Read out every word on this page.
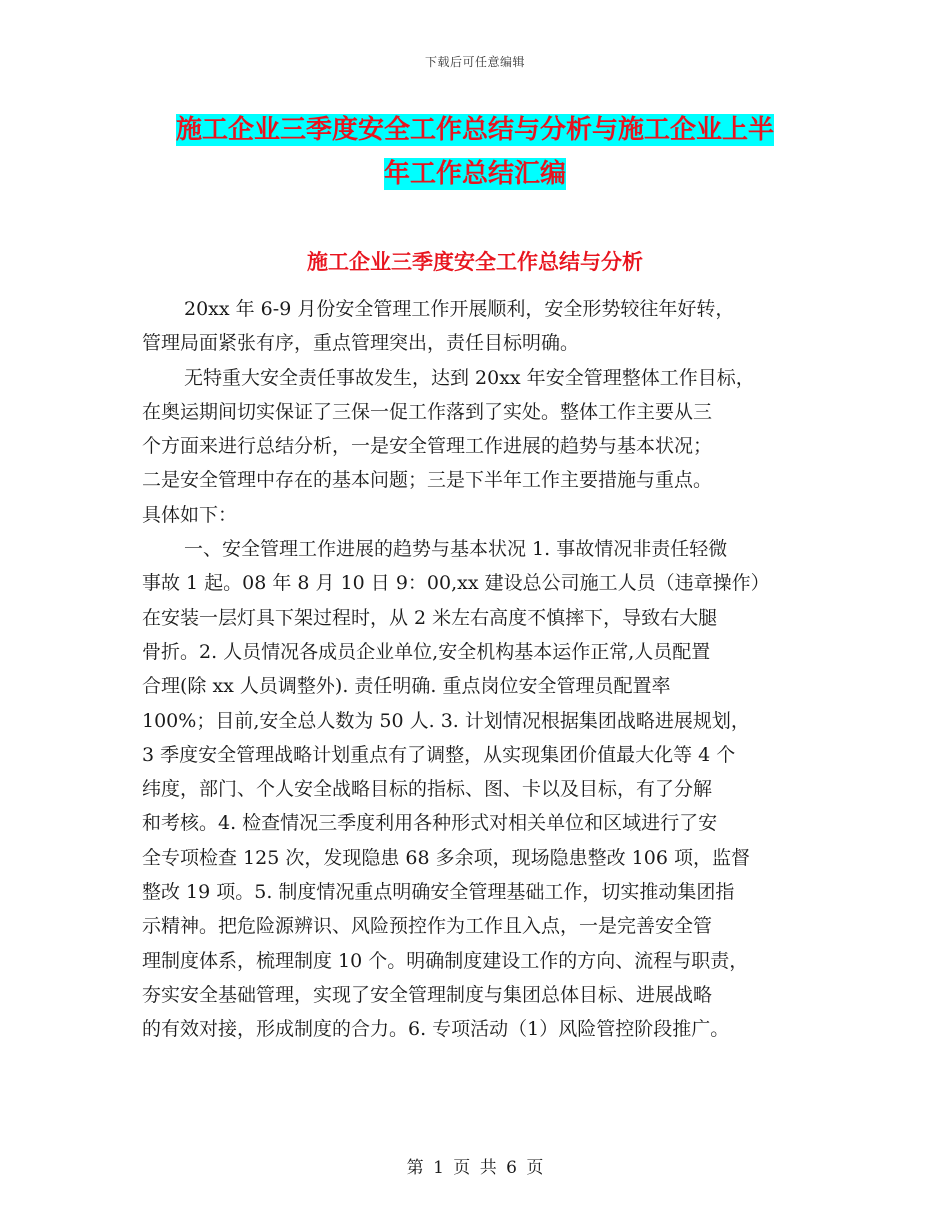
下载后可任意编辑
施工企业三季度安全工作总结与分析与施工企业上半
年工作总结汇编
施工企业三季度安全工作总结与分析
20xx 年 6-9 月份安全管理工作开展顺利，安全形势较往年好转，
管理局面紧张有序，重点管理突出，责任目标明确。
无特重大安全责任事故发生，达到 20xx 年安全管理整体工作目标，
在奥运期间切实保证了三保一促工作落到了实处。整体工作主要从三
个方面来进行总结分析，一是安全管理工作进展的趋势与基本状况；
二是安全管理中存在的基本问题；三是下半年工作主要措施与重点。
具体如下：
一、安全管理工作进展的趋势与基本状况 1. 事故情况非责任轻微
事故 1 起。08 年 8 月 10 日 9：00,xx 建设总公司施工人员（违章操作）
在安装一层灯具下架过程时，从 2 米左右高度不慎摔下，导致右大腿
骨折。2. 人员情况各成员企业单位,安全机构基本运作正常,人员配置
合理(除 xx 人员调整外). 责任明确. 重点岗位安全管理员配置率
100%；目前,安全总人数为 50 人. 3. 计划情况根据集团战略进展规划，
3 季度安全管理战略计划重点有了调整，从实现集团价值最大化等 4 个
纬度，部门、个人安全战略目标的指标、图、卡以及目标，有了分解
和考核。4. 检查情况三季度利用各种形式对相关单位和区域进行了安
全专项检查 125 次，发现隐患 68 多余项，现场隐患整改 106 项，监督
整改 19 项。5. 制度情况重点明确安全管理基础工作，切实推动集团指
示精神。把危险源辨识、风险预控作为工作且入点，一是完善安全管
理制度体系，梳理制度 10 个。明确制度建设工作的方向、流程与职责，
夯实安全基础管理，实现了安全管理制度与集团总体目标、进展战略
的有效对接，形成制度的合力。6. 专项活动（1）风险管控阶段推广。
第 1 页 共 6 页
